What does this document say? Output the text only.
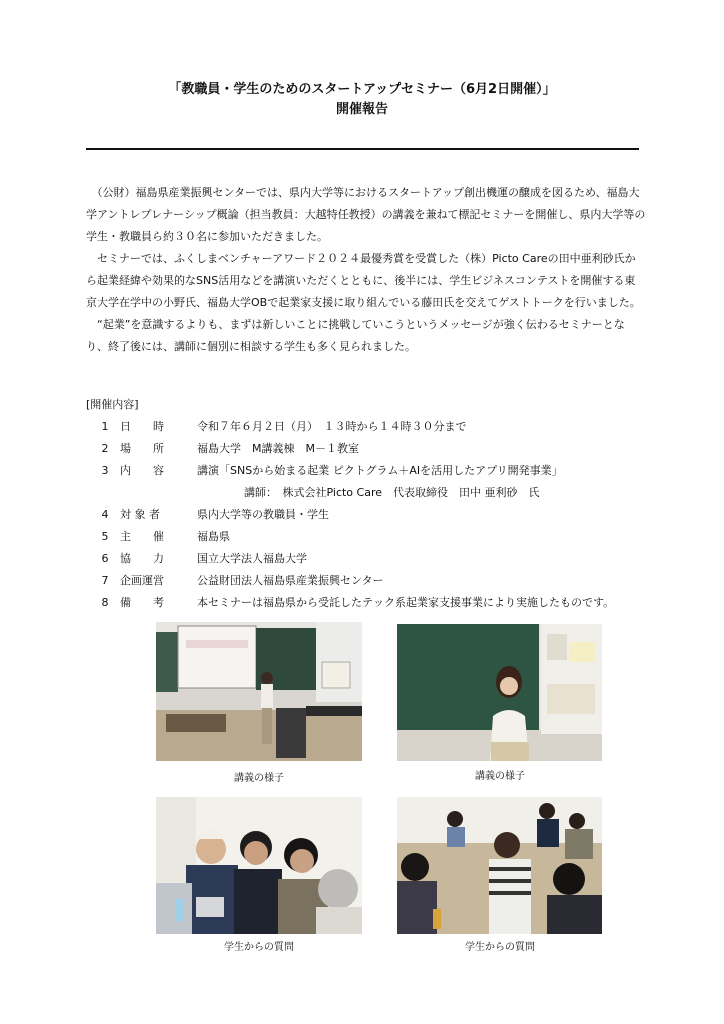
「教職員・学生のためのスタートアップセミナー（6月2日開催）」
開催報告

　（公財）福島県産業振興センターでは、県内大学等におけるスタートアップ創出機運の醸成を図るため、福島大学アントレプレナーシップ概論（担当教員：大越特任教授）の講義を兼ねて標記セミナーを開催し、県内大学等の学生・教職員ら約３０名に参加いただきました。

　セミナーでは、ふくしまベンチャーアワード２０２４最優秀賞を受賞した（株）Picto Careの田中亜利砂氏から起業経緯や効果的なSNS活用などを講演いただくとともに、後半には、学生ビジネスコンテストを開催する東京大学在学中の小野氏、福島大学OBで起業家支援に取り組んでいる藤田氏を交えてゲストトークを行いました。

　“起業”を意識するよりも、まずは新しいことに挑戦していこうというメッセージが強く伝わるセミナーとなり、終了後には、講師に個別に相談する学生も多く見られました。

[開催内容]
1 日　　時	令和７年６月２日（月）　１３時から１４時３０分まで
2 場　　所	福島大学　M講義棟　M－１教室
3 内　　容	講演「SNSから始まる起業 ピクトグラム＋AIを活用したアプリ開発事業」
講師：　株式会社Picto Care　代表取締役　田中 亜利砂　氏
4 対 象 者	県内大学等の教職員・学生
5 主　　催	福島県
6 協　　力	国立大学法人福島大学
7 企画運営	公益財団法人福島県産業振興センター
8 備　　考	本セミナーは福島県から受託したテック系起業家支援事業により実施したものです。
講義の様子	講義の様子
学生からの質問	学生からの質問
